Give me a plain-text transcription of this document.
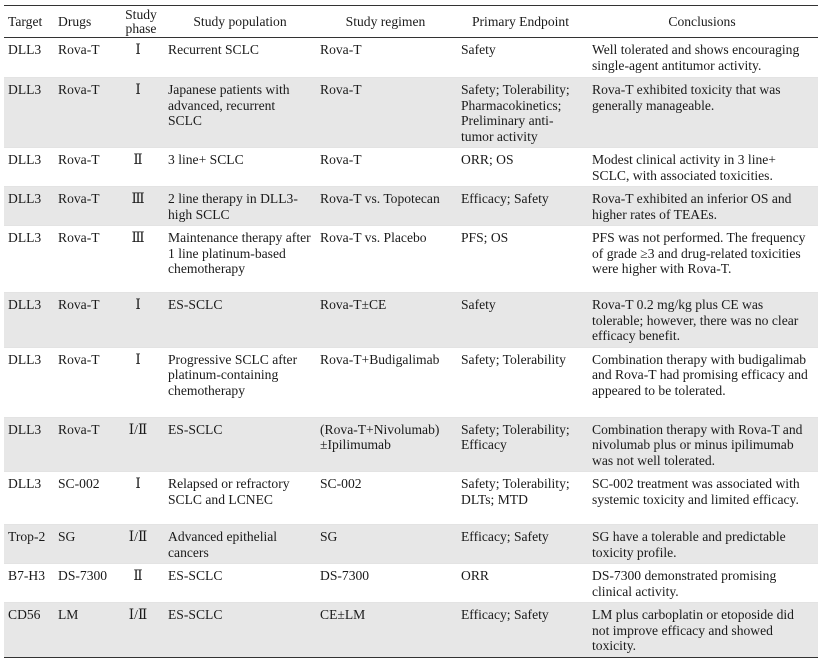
Target	Drugs	Study phase	Study population	Study regimen	Primary Endpoint	Conclusions
DLL3	Rova-T	Ⅰ	Recurrent SCLC	Rova-T	Safety	Well tolerated and shows encouraging single-agent antitumor activity.
DLL3	Rova-T	Ⅰ	Japanese patients with advanced, recurrent SCLC	Rova-T	Safety; Tolerability; Pharmacokinetics; Preliminary anti-tumor activity	Rova-T exhibited toxicity that was generally manageable.
DLL3	Rova-T	Ⅱ	3 line+ SCLC	Rova-T	ORR; OS	Modest clinical activity in 3 line+ SCLC, with associated toxicities.
DLL3	Rova-T	Ⅲ	2 line therapy in DLL3-high SCLC	Rova-T vs. Topotecan	Efficacy; Safety	Rova-T exhibited an inferior OS and higher rates of TEAEs.
DLL3	Rova-T	Ⅲ	Maintenance therapy after 1 line platinum-based chemotherapy	Rova-T vs. Placebo	PFS; OS	PFS was not performed. The frequency of grade ≥3 and drug-related toxicities were higher with Rova-T.
DLL3	Rova-T	Ⅰ	ES-SCLC	Rova-T±CE	Safety	Rova-T 0.2 mg/kg plus CE was tolerable; however, there was no clear efficacy benefit.
DLL3	Rova-T	Ⅰ	Progressive SCLC after platinum-containing chemotherapy	Rova-T+Budigalimab	Safety; Tolerability	Combination therapy with budigalimab and Rova-T had promising efficacy and appeared to be tolerated.
DLL3	Rova-T	Ⅰ/Ⅱ	ES-SCLC	(Rova-T+Nivolumab) ±Ipilimumab	Safety; Tolerability; Efficacy	Combination therapy with Rova-T and nivolumab plus or minus ipilimumab was not well tolerated.
DLL3	SC-002	Ⅰ	Relapsed or refractory SCLC and LCNEC	SC-002	Safety; Tolerability; DLTs; MTD	SC-002 treatment was associated with systemic toxicity and limited efficacy.
Trop-2	SG	Ⅰ/Ⅱ	Advanced epithelial cancers	SG	Efficacy; Safety	SG have a tolerable and predictable toxicity profile.
B7-H3	DS-7300	Ⅱ	ES-SCLC	DS-7300	ORR	DS-7300 demonstrated promising clinical activity.
CD56	LM	Ⅰ/Ⅱ	ES-SCLC	CE±LM	Efficacy; Safety	LM plus carboplatin or etoposide did not improve efficacy and showed toxicity.
